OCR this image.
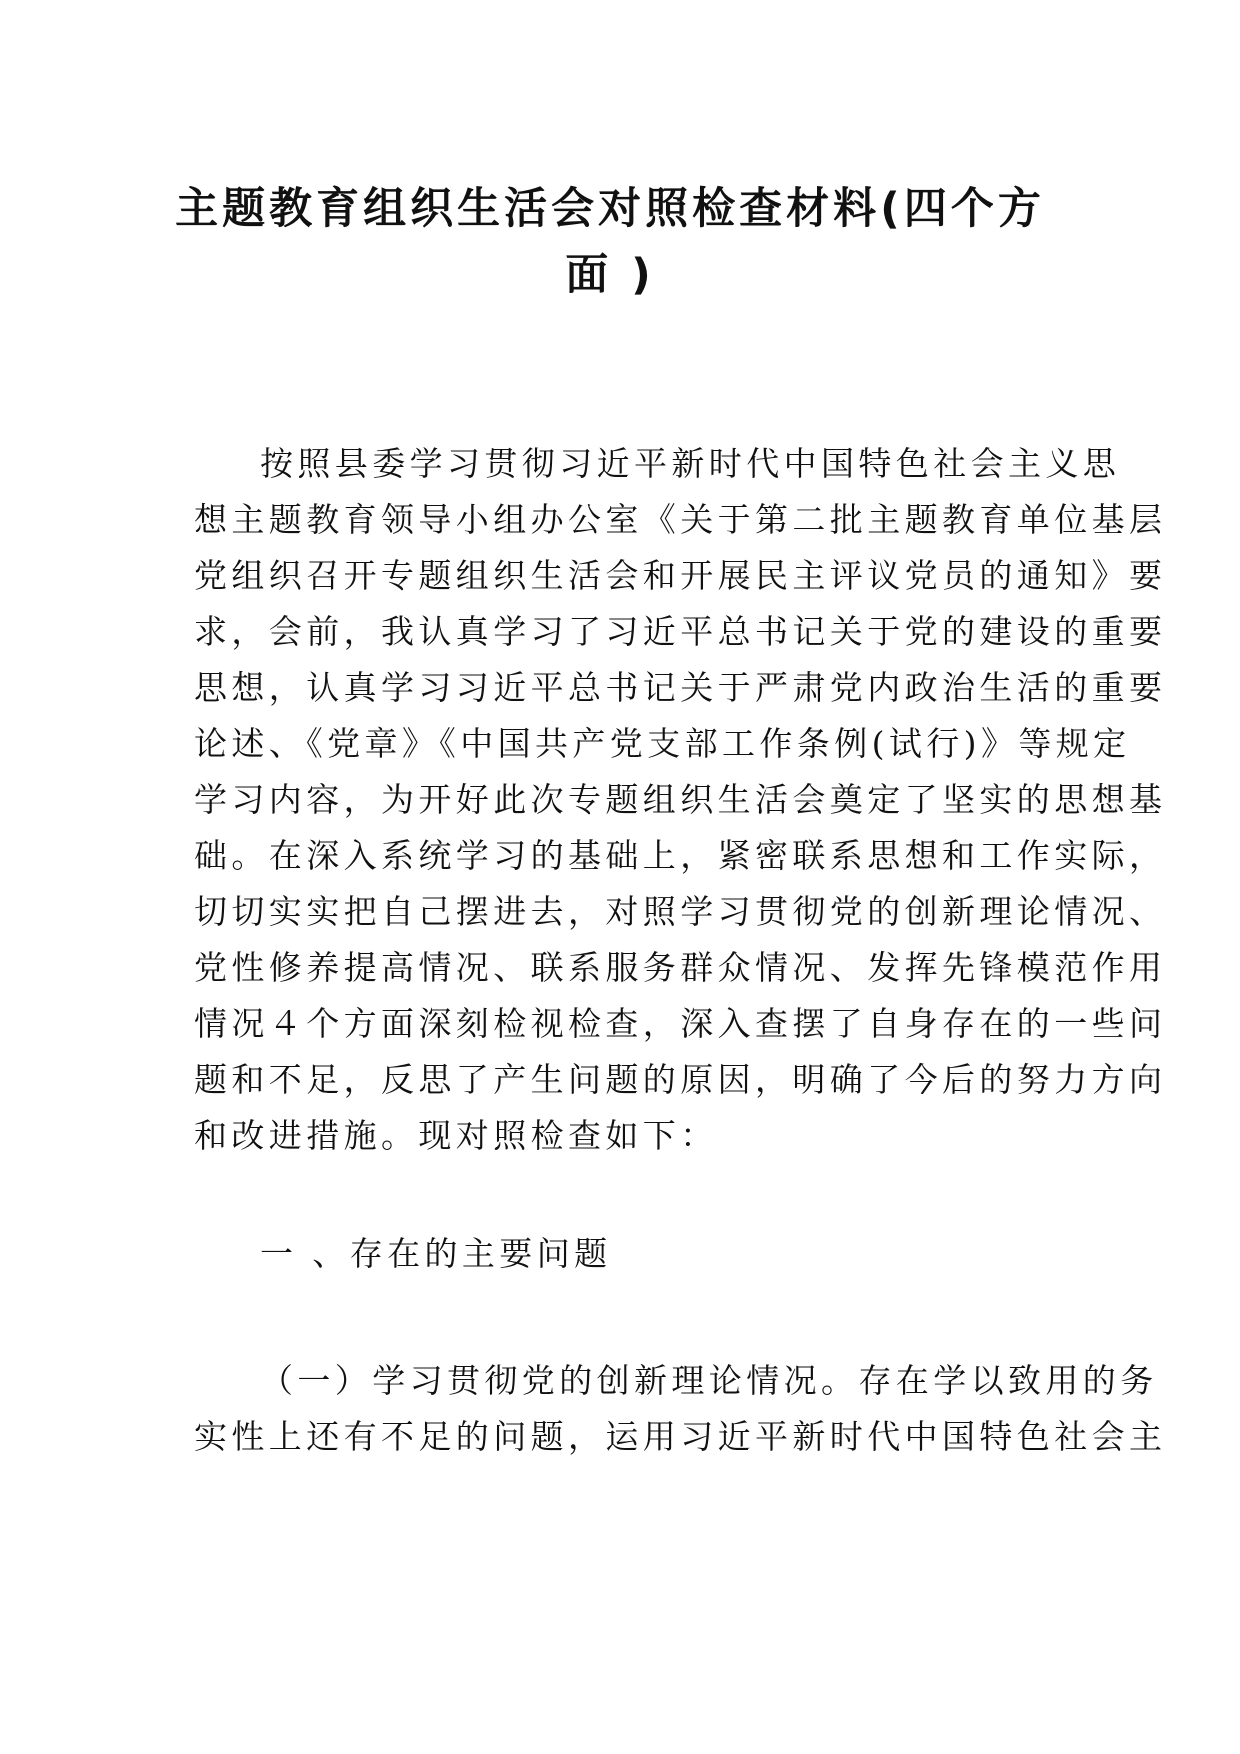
主题教育组织生活会对照检查材料(四个方
面 )
按照县委学习贯彻习近平新时代中国特色社会主义思
想主题教育领导小组办公室《关于第二批主题教育单位基层
党组织召开专题组织生活会和开展民主评议党员的通知》要
求，会前，我认真学习了习近平总书记关于党的建设的重要
思想，认真学习习近平总书记关于严肃党内政治生活的重要
论述、《党章》《中国共产党支部工作条例(试行)》等规定
学习内容，为开好此次专题组织生活会奠定了坚实的思想基
础。在深入系统学习的基础上，紧密联系思想和工作实际，
切切实实把自己摆进去，对照学习贯彻党的创新理论情况、
党性修养提高情况、联系服务群众情况、发挥先锋模范作用
情况４个方面深刻检视检查，深入查摆了自身存在的一些问
题和不足，反思了产生问题的原因，明确了今后的努力方向
和改进措施。现对照检查如下：
一 、存在的主要问题
（一）学习贯彻党的创新理论情况。存在学以致用的务
实性上还有不足的问题，运用习近平新时代中国特色社会主
